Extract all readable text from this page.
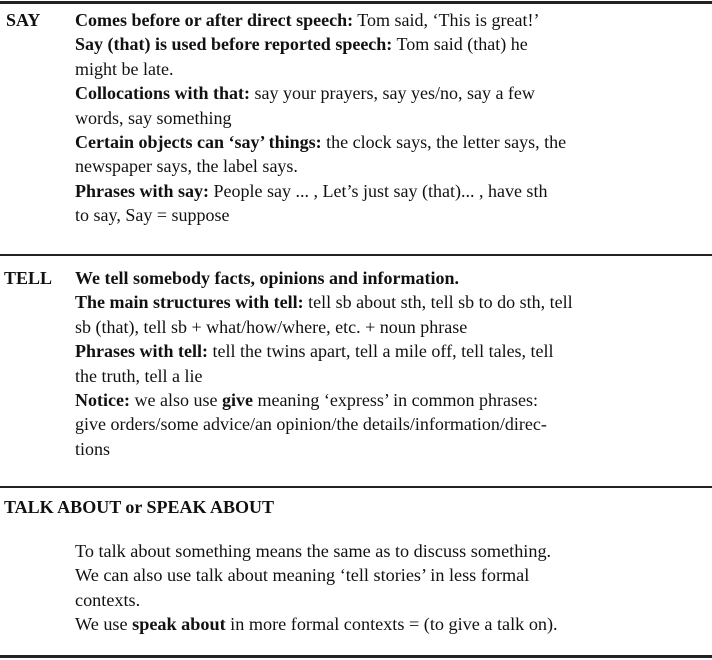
SAY Comes before or after direct speech: Tom said, ‘This is great!’
Say (that) is used before reported speech: Tom said (that) he
might be late.
Collocations with that: say your prayers, say yes/no, say a few
words, say something
Certain objects can ‘say’ things: the clock says, the letter says, the
newspaper says, the label says.
Phrases with say: People say ... , Let’s just say (that)... , have sth
to say, Say = suppose
TELL We tell somebody facts, opinions and information.
The main structures with tell: tell sb about sth, tell sb to do sth, tell
sb (that), tell sb + what/how/where, etc. + noun phrase
Phrases with tell: tell the twins apart, tell a mile off, tell tales, tell
the truth, tell a lie
Notice: we also use give meaning ‘express’ in common phrases:
give orders/some advice/an opinion/the details/information/direc-
tions
TALK ABOUT or SPEAK ABOUT
To talk about something means the same as to discuss something.
We can also use talk about meaning ‘tell stories’ in less formal
contexts.
We use speak about in more formal contexts = (to give a talk on).
